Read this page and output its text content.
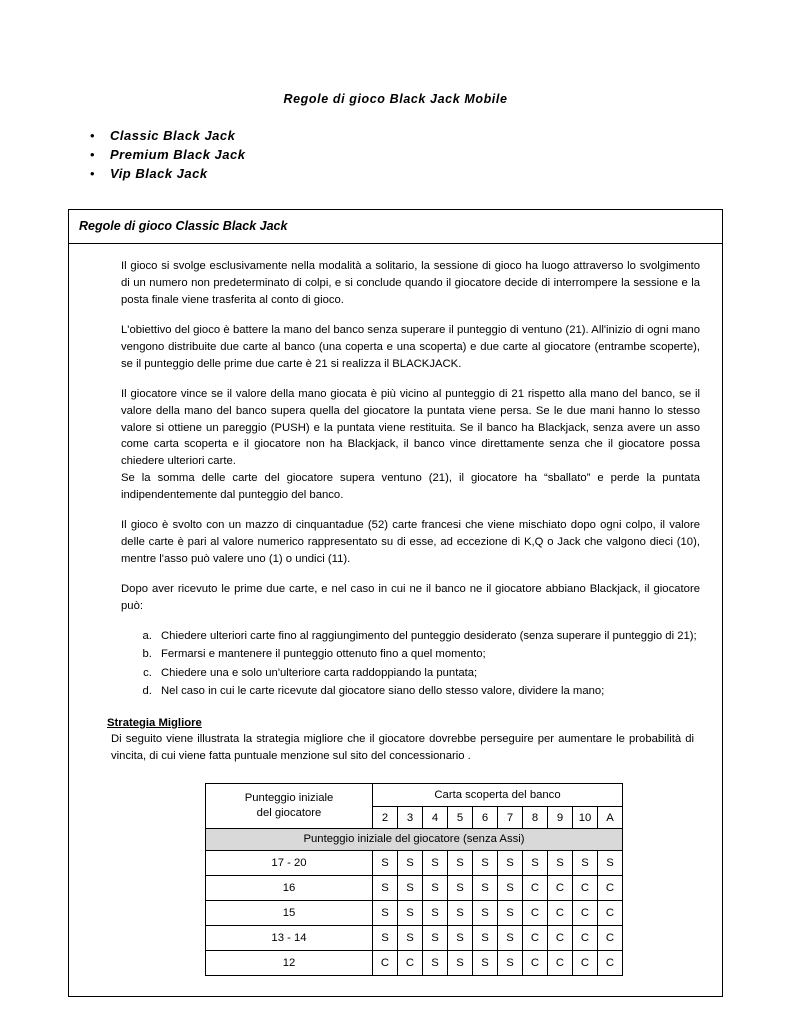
Regole di gioco Black Jack Mobile
•	Classic Black Jack
•	Premium Black Jack
•	Vip Black Jack
Regole di gioco Classic Black Jack

Il gioco si svolge esclusivamente nella modalità a solitario, la sessione di gioco ha luogo attraverso lo svolgimento di un numero non predeterminato di colpi, e si conclude quando il giocatore decide di interrompere la sessione e la posta finale viene trasferita al conto di gioco.

L'obiettivo del gioco è battere la mano del banco senza superare il punteggio di ventuno (21). All'inizio di ogni mano vengono distribuite due carte al banco (una coperta e una scoperta) e due carte al giocatore (entrambe scoperte), se il punteggio delle prime due carte è 21 si realizza il BLACKJACK.

Il giocatore vince se il valore della mano giocata è più vicino al punteggio di 21 rispetto alla mano del banco, se il valore della mano del banco supera quella del giocatore la puntata viene persa. Se le due mani hanno lo stesso valore si ottiene un pareggio (PUSH) e la puntata viene restituita. Se il banco ha Blackjack, senza avere un asso come carta scoperta e il giocatore non ha Blackjack, il banco vince direttamente senza che il giocatore possa chiedere ulteriori carte.

Se la somma delle carte del giocatore supera ventuno (21), il giocatore ha “sballato” e perde la puntata indipendentemente dal punteggio del banco.

Il gioco è svolto con un mazzo di cinquantadue (52) carte francesi che viene mischiato dopo ogni colpo, il valore delle carte è pari al valore numerico rappresentato su di esse, ad eccezione di K,Q o Jack che valgono dieci (10), mentre l'asso può valere uno (1) o undici (11).

Dopo aver ricevuto le prime due carte, e nel caso in cui ne il banco ne il giocatore abbiano Blackjack, il giocatore può:

a. Chiedere ulteriori carte fino al raggiungimento del punteggio desiderato (senza superare il punteggio di 21);
b. Fermarsi e mantenere il punteggio ottenuto fino a quel momento;
c. Chiedere una e solo un'ulteriore carta raddoppiando la puntata;
d. Nel caso in cui le carte ricevute dal giocatore siano dello stesso valore, dividere la mano;
Strategia Migliore
Di seguito viene illustrata la strategia migliore che il giocatore dovrebbe perseguire per aumentare le probabilità di vincita, di cui viene fatta puntuale menzione sul sito del concessionario .
Punteggio iniziale
del giocatore	Carta scoperta del banco									
	2	3	4	5	6	7	8	9	10	A
Punteggio iniziale del giocatore (senza Assi)										
17 - 20	S	S	S	S	S	S	S	S	S	S
16	S	S	S	S	S	S	C	C	C	C
15	S	S	S	S	S	S	C	C	C	C
13 - 14	S	S	S	S	S	S	C	C	C	C
12	C	C	S	S	S	S	C	C	C	C
